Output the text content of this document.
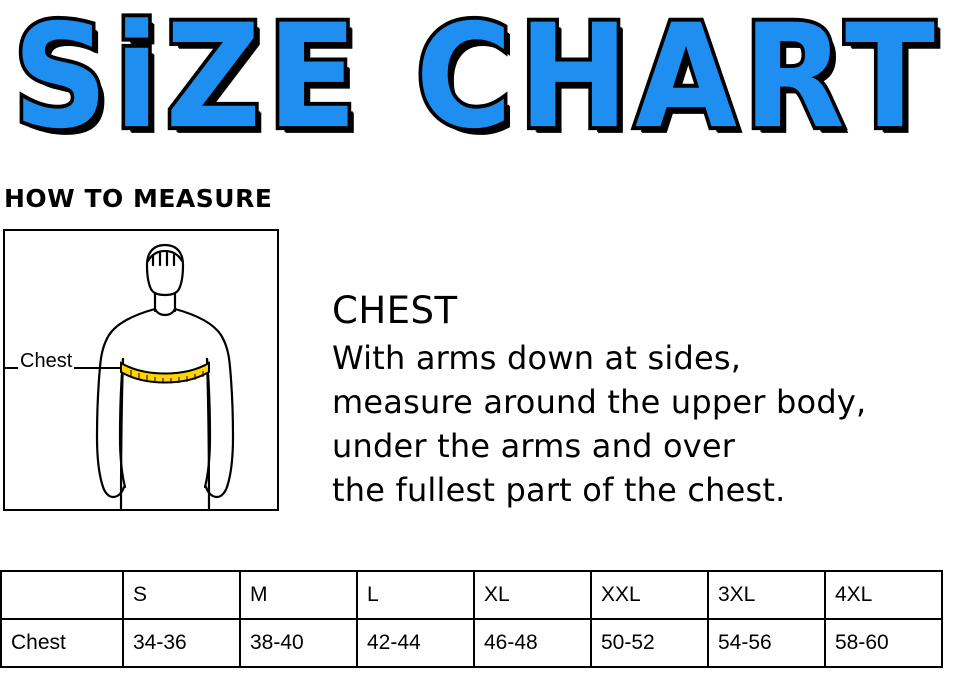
SiZE CHART
HOW TO MEASURE
Chest
CHEST
With arms down at sides,
measure around the upper body,
under the arms and over
the fullest part of the chest.
	S	M	L	XL	XXL	3XL	4XL
Chest	34-36	38-40	42-44	46-48	50-52	54-56	58-60
